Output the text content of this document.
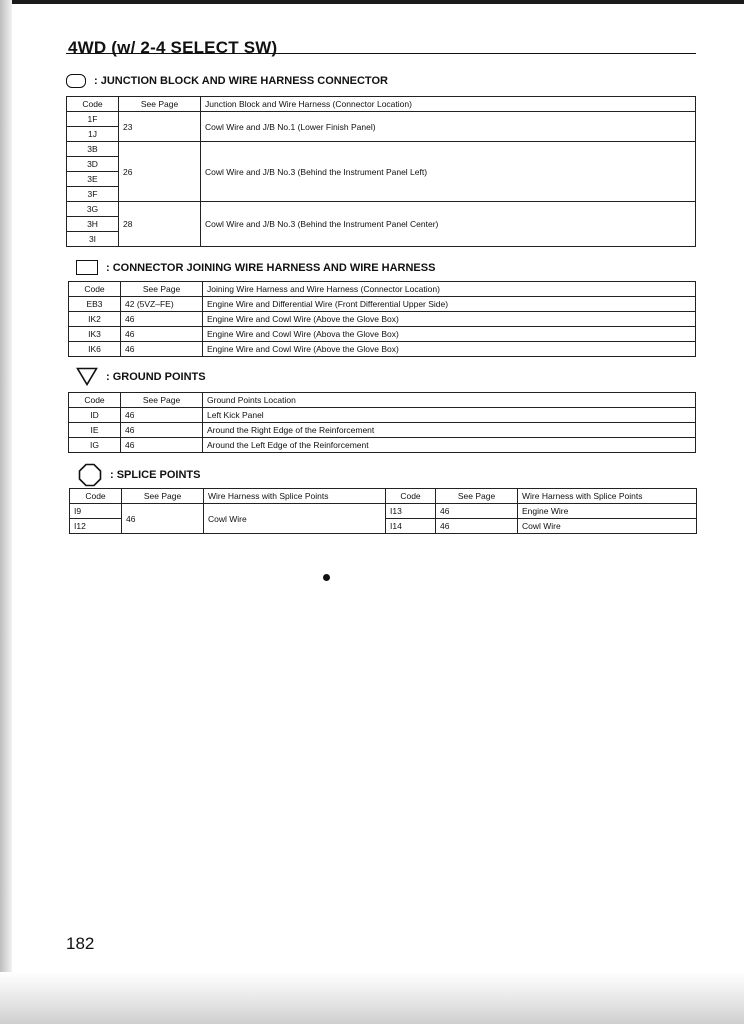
4WD (w/ 2-4 SELECT SW)
: JUNCTION BLOCK AND WIRE HARNESS CONNECTOR
Code	See Page	Junction Block and Wire Harness (Connector Location)
1F	23	Cowl Wire and J/B No.1 (Lower Finish Panel)
1J		
3B	26	Cowl Wire and J/B No.3 (Behind the Instrument Panel Left)
3D		
3E		
3F		
3G	28	Cowl Wire and J/B No.3 (Behind the Instrument Panel Center)
3H		
3I		
: CONNECTOR JOINING WIRE HARNESS AND WIRE HARNESS
Code	See Page	Joining Wire Harness and Wire Harness (Connector Location)
EB3	42 (5VZ–FE)	Engine Wire and Differential Wire (Front Differential Upper Side)
IK2	46	Engine Wire and Cowl Wire (Above the Glove Box)
IK3	46	Engine Wire and Cowl Wire (Abova the Glove Box)
IK6	46	Engine Wire and Cowl Wire (Above the Glove Box)
: GROUND POINTS
Code	See Page	Ground Points Location
ID	46	Left Kick Panel
IE	46	Around the Right Edge of the Reinforcement
IG	46	Around the Left Edge of the Reinforcement
: SPLICE POINTS
Code	See Page	Wire Harness with Splice Points	Code	See Page	Wire Harness with Splice Points
I9	46	Cowl Wire	I13	46	Engine Wire
I12			I14	46	Cowl Wire
182
